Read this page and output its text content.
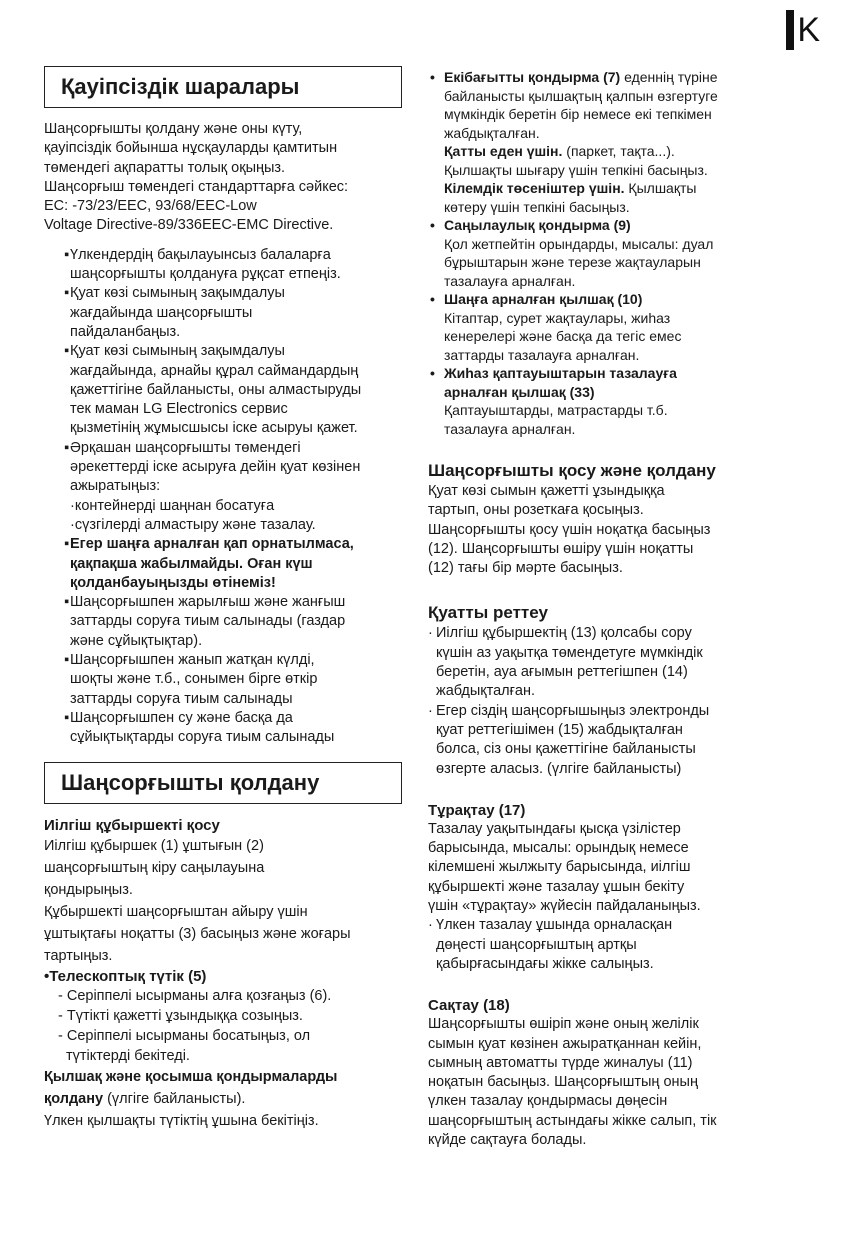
K
Қауіпсіздік шаралары

Шаңсорғышты қолдану және оны күту,

қауіпсіздік бойынша нұсқауларды қамтитын

төмендегі ақпаратты толық оқыңыз.

Шаңсорғыш төмендегі стандарттарға сәйкес:

EC: -73/23/EEC, 93/68/EEC-Low

Voltage Directive-89/336EEC-EMC Directive.

▪ Үлкендердің бақылауынсыз балаларға
шаңсорғышты қолдануға рұқсат етпеңіз.
▪ Қуат көзі сымының зақымдалуы
жағдайында шаңсорғышты
пайдаланбаңыз.
▪ Қуат көзі сымының зақымдалуы
жағдайында, арнайы құрал саймандардың
қажеттігіне байланысты, оны алмастыруды
тек маман LG Electronics сервис
қызметінің жұмысшысы іске асыруы қажет.
▪ Әрқашан шаңсорғышты төмендегі
әрекеттерді іске асыруға дейін қуат көзінен
ажыратыңыз:
·контейнерді шаңнан босатуға
·сүзгілерді алмастыру және тазалау.
▪ Егер шаңға арналған қап орнатылмаса,
қақпақша жабылмайды. Оған күш
қолданбауыңызды өтінеміз!
▪ Шаңсорғышпен жарылғыш және жанғыш
заттарды соруға тиым салынады (газдар
және сұйықтықтар).
▪ Шаңсорғышпен жанып жатқан күлді,
шоқты және т.б., сонымен бірге өткір
заттарды соруға тиым салынады
▪ Шаңсорғышпен су және басқа да
сұйықтықтарды соруға тиым салынады
Шаңсорғышты қолдану

Иілгіш құбыршекті қосу

Иілгіш құбыршек (1) ұштығын (2)

шаңсорғыштың кіру саңылауына

қондырыңыз.

Құбыршекті шаңсорғыштан айыру үшін

ұштықтағы ноқатты (3) басыңыз және жоғары

тартыңыз.

•Телескоптық түтік (5)

- Серіппелі ысырманы алға қозғаңыз (6).

- Түтікті қажетті ұзындыққа созыңыз.

- Серіппелі ысырманы босатыңыз, ол

түтіктерді бекітеді.

Қылшақ және қосымша қондырмаларды

қолдану (үлгіге байланысты).

Үлкен қылшақты түтіктің ұшына бекітіңіз.

• Екібағытты қондырма (7) еденнің түріне
байланысты қылшақтың қалпын өзгертуге
мүмкіндік беретін бір немесе екі тепкімен
жабдықталған.
Қатты еден үшін. (паркет, тақта...).
Қылшақты шығару үшін тепкіні басыңыз.
Кілемдік төсеніштер үшін. Қылшақты
көтеру үшін тепкіні басыңыз.
• Саңылаулық қондырма (9)
Қол жетпейтін орындарды, мысалы: дуал
бұрыштарын және терезе жақтауларын
тазалауға арналған.
• Шаңға арналған қылшақ (10)
Кітаптар, сурет жақтаулары, жиһаз
кенерелері және басқа да тегіс емес
заттарды тазалауға арналған.
• Жиһаз қаптауыштарын тазалауға
арналған қылшақ (33)
Қаптауыштарды, матрастарды т.б.
тазалауға арналған.

Шаңсорғышты қосу және қолдану

Қуат көзі сымын қажетті ұзындыққа

тартып, оны розеткаға қосыңыз.

Шаңсорғышты қосу үшін ноқатқа басыңыз

(12). Шаңсорғышты өшіру үшін ноқатты

(12) тағы бір мәрте басыңыз.

Қуатты реттеу

· Иілгіш құбыршектің (13) қолсабы сору
күшін аз уақытқа төмендетуге мүмкіндік
беретін, ауа ағымын реттегішпен (14)
жабдықталған.
· Егер сіздің шаңсорғышыңыз электронды
қуат реттегішімен (15) жабдықталған
болса, сіз оны қажеттігіне байланысты
өзгерте аласыз. (үлгіге байланысты)

Тұрақтау (17)

Тазалау уақытындағы қысқа үзілістер

барысында, мысалы: орындық немесе

кілемшені жылжыту барысында, иілгіш

құбыршекті және тазалау ұшын бекіту

үшін «тұрақтау» жүйесін пайдаланыңыз.

· Үлкен тазалау ұшында орналасқан
дөңесті шаңсорғыштың артқы
қабырғасындағы жікке салыңыз.

Сақтау (18)

Шаңсорғышты өшіріп және оның желілік

сымын қуат көзінен ажыратқаннан кейін,

сымның автоматты түрде жиналуы (11)

ноқатын басыңыз. Шаңсорғыштың оның

үлкен тазалау қондырмасы дөңесін

шаңсорғыштың астындағы жікке салып, тік

күйде сақтауға болады.
